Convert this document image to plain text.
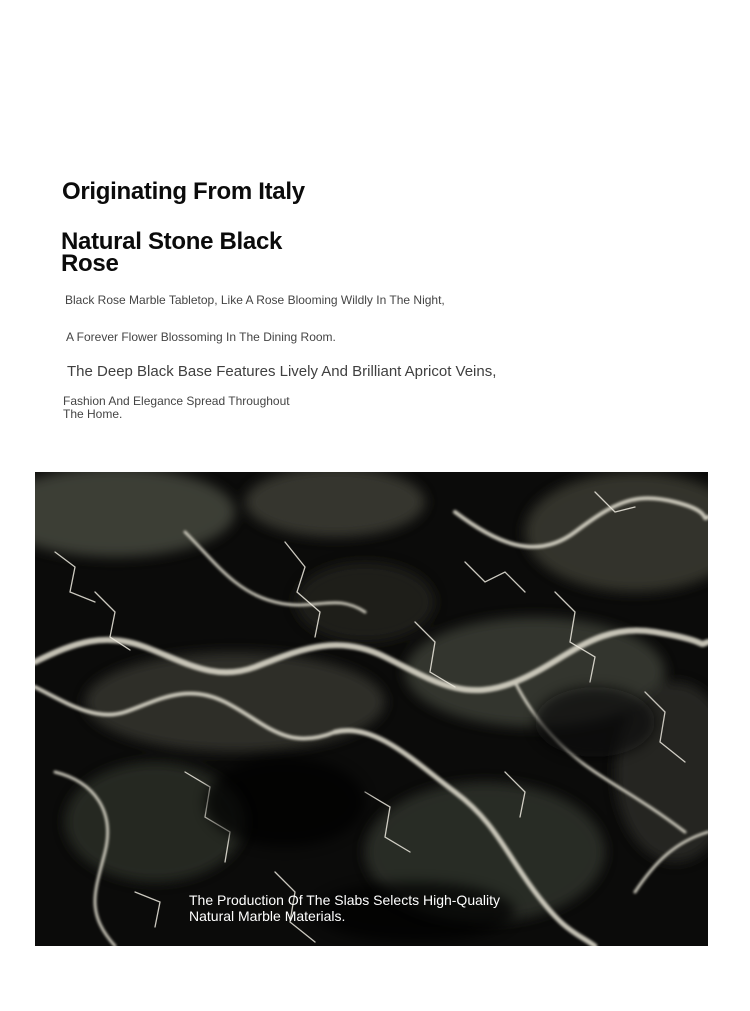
Originating From Italy
Natural Stone Black Rose

Black Rose Marble Tabletop, Like A Rose Blooming Wildly In The Night,

A Forever Flower Blossoming In The Dining Room.

The Deep Black Base Features Lively And Brilliant Apricot Veins,

Fashion And Elegance Spread Throughout The Home.

The Production Of The Slabs Selects High-Quality Natural Marble Materials.
